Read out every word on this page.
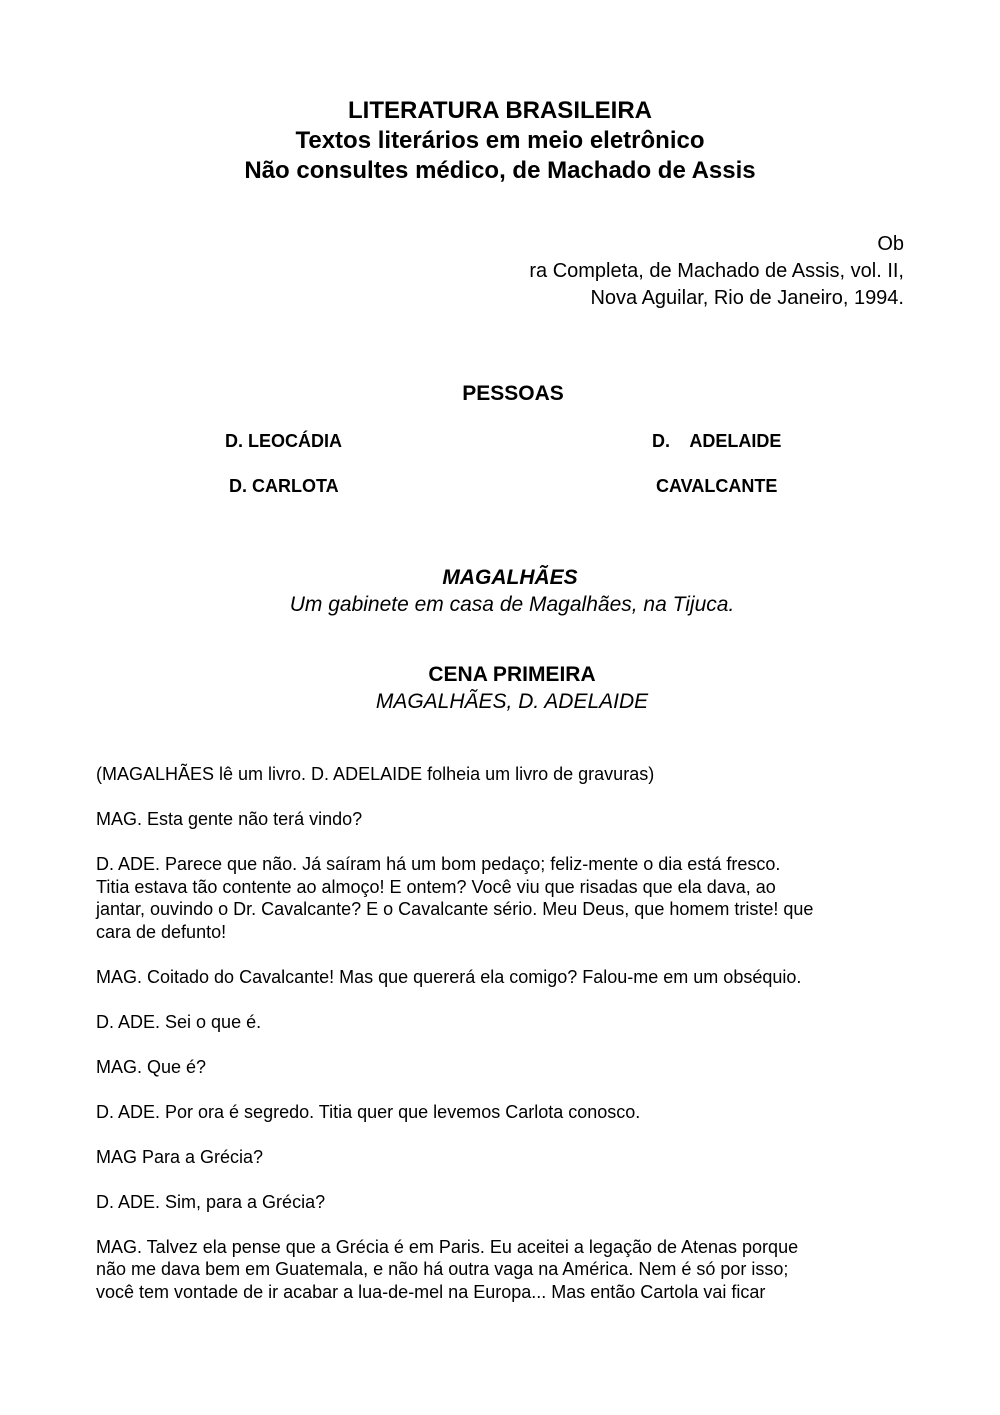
LITERATURA BRASILEIRA
Textos literários em meio eletrônico
Não consultes médico, de Machado de Assis
Ob
ra Completa, de Machado de Assis, vol. II,
Nova Aguilar, Rio de Janeiro, 1994.
PESSOAS
D. LEOCÁDIA	D.    ADELAIDE
D. CARLOTA	CAVALCANTE
MAGALHÃES
Um gabinete em casa de Magalhães, na Tijuca.
CENA PRIMEIRA
MAGALHÃES, D. ADELAIDE
(MAGALHÃES lê um livro. D. ADELAIDE folheia um livro de gravuras)
MAG. Esta gente não terá vindo?
D. ADE. Parece que não. Já saíram há um bom pedaço; feliz-mente o dia está fresco.
Titia estava tão contente ao almoço! E ontem? Você viu que risadas que ela dava, ao
jantar, ouvindo o Dr. Cavalcante? E o Cavalcante sério. Meu Deus, que homem triste! que
cara de defunto!
MAG. Coitado do Cavalcante! Mas que quererá ela comigo? Falou-me em um obséquio.
D. ADE. Sei o que é.
MAG. Que é?
D. ADE. Por ora é segredo. Titia quer que levemos Carlota conosco.
MAG Para a Grécia?
D. ADE. Sim, para a Grécia?
MAG. Talvez ela pense que a Grécia é em Paris. Eu aceitei a legação de Atenas porque
não me dava bem em Guatemala, e não há outra vaga na América. Nem é só por isso;
você tem vontade de ir acabar a lua-de-mel na Europa... Mas então Cartola vai ficar
